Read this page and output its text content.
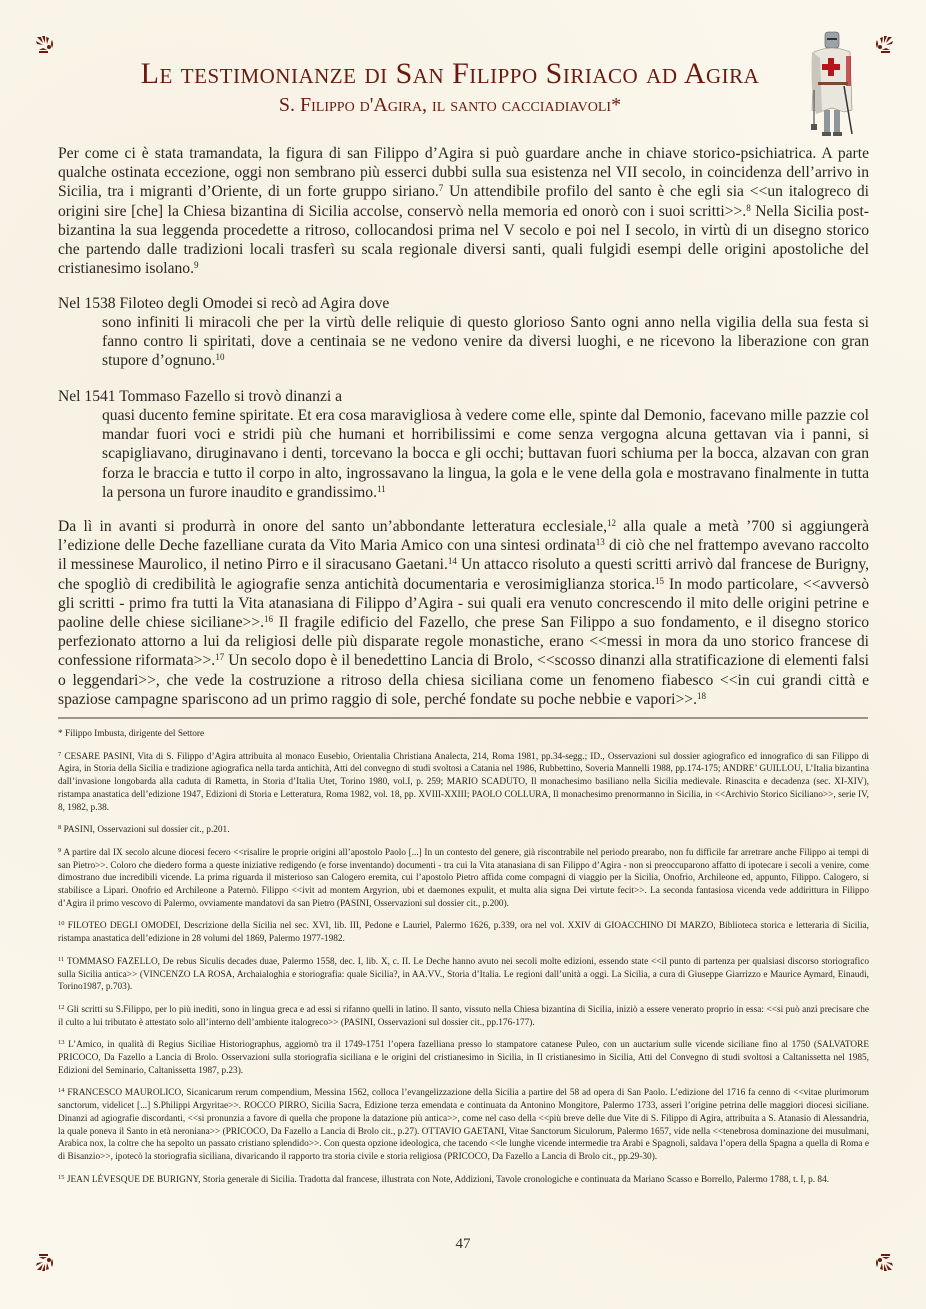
Le testimonianze di San Filippo Siriaco ad Agira
S. Filippo d'Agira, il santo cacciadiavoli*
Per come ci è stata tramandata, la figura di san Filippo d’Agira si può guardare anche in chiave storico-psichiatrica. A parte qualche ostinata eccezione, oggi non sembrano più esserci dubbi sulla sua esistenza nel VII secolo, in coincidenza dell’arrivo in Sicilia, tra i migranti d’Oriente, di un forte gruppo siriano.$^7$ Un attendibile profilo del santo è che egli sia <<un italogreco di origini sire [che] la Chiesa bizantina di Sicilia accolse, conservò nella memoria ed onorò con i suoi scritti>>.$^8$ Nella Sicilia post-bizantina la sua leggenda procedette a ritroso, collocandosi prima nel V secolo e poi nel I secolo, in virtù di un disegno storico che partendo dalle tradizioni locali trasferì su scala regionale diversi santi, quali fulgidi esempi delle origini apostoliche del cristianesimo isolano.$^9$
Nel 1538 Filoteo degli Omodei si recò ad Agira dove
sono infiniti li miracoli che per la virtù delle reliquie di questo glorioso Santo ogni anno nella vigilia della sua festa si fanno contro li spiritati, dove a centinaia se ne vedono venire da diversi luoghi, e ne ricevono la liberazione con gran stupore d’ognuno.$^{10}$
Nel 1541 Tommaso Fazello si trovò dinanzi a
quasi ducento femine spiritate. Et era cosa maravigliosa à vedere come elle, spinte dal Demonio, facevano mille pazzie col mandar fuori voci e stridi più che humani et horribilissimi e come senza vergogna alcuna gettavan via i panni, si scapigliavano, diruginavano i denti, torcevano la bocca e gli occhi; buttavan fuori schiuma per la bocca, alzavan con gran forza le braccia e tutto il corpo in alto, ingrossavano la lingua, la gola e le vene della gola e mostravano finalmente in tutta la persona un furore inaudito e grandissimo.$^{11}$
Da lì in avanti si produrrà in onore del santo un’abbondante letteratura ecclesiale,$^{12}$ alla quale a metà ’700 si aggiungerà l’edizione delle Deche fazelliane curata da Vito Maria Amico con una sintesi ordinata$^{13}$ di ciò che nel frattempo avevano raccolto il messinese Maurolico, il netino Pirro e il siracusano Gaetani.$^{14}$ Un attacco risoluto a questi scritti arrivò dal francese de Burigny, che spogliò di credibilità le agiografie senza antichità documentaria e verosimiglianza storica.$^{15}$ In modo particolare, <<avversò gli scritti - primo fra tutti la Vita atanasiana di Filippo d’Agira - sui quali era venuto concrescendo il mito delle origini petrine e paoline delle chiese siciliane>>.$^{16}$ Il fragile edificio del Fazello, che prese San Filippo a suo fondamento, e il disegno storico perfezionato attorno a lui da religiosi delle più disparate regole monastiche, erano <<messi in mora da uno storico francese di confessione riformata>>.$^{17}$ Un secolo dopo è il benedettino Lancia di Brolo, <<scosso dinanzi alla stratificazione di elementi falsi o leggendari>>, che vede la costruzione a ritroso della chiesa siciliana come un fenomeno fiabesco <<in cui grandi città e spaziose campagne spariscono ad un primo raggio di sole, perché fondate su poche nebbie e vapori>>.$^{18}$

* Filippo Imbusta, dirigente del Settore

$^7$ CESARE PASINI, Vita di S. Filippo d’Agira attribuita al monaco Eusebio, Orientalia Christiana Analecta, 214, Roma 1981, pp.34-segg.; ID., Osservazioni sul dossier agiografico ed innografico di san Filippo di Agira, in Storia della Sicilia e tradizione agiografica nella tarda antichità, Atti del convegno di studi svoltosi a Catania nel 1986, Rubbettino, Soveria Mannelli 1988, pp.174-175; ANDRE’ GUILLOU, L’Italia bizantina dall’invasione longobarda alla caduta di Rametta, in Storia d’Italia Utet, Torino 1980, vol.I, p. 259; MARIO SCADUTO, Il monachesimo basiliano nella Sicilia medievale. Rinascita e decadenza (sec. XI-XIV), ristampa anastatica dell’edizione 1947, Edizioni di Storia e Letteratura, Roma 1982, vol. 18, pp. XVIII-XXIII; PAOLO COLLURA, Il monachesimo prenormanno in Sicilia, in <<Archivio Storico Siciliano>>, serie IV, 8, 1982, p.38.

$^8$ PASINI, Osservazioni sul dossier cit., p.201.

$^9$ A partire dal IX secolo alcune diocesi fecero <<risalire le proprie origini all’apostolo Paolo [...] In un contesto del genere, già riscontrabile nel periodo prearabo, non fu difficile far arretrare anche Filippo ai tempi di san Pietro>>. Coloro che diedero forma a queste iniziative redigendo (e forse inventando) documenti - tra cui la Vita atanasiana di san Filippo d’Agira - non si preoccuparono affatto di ipotecare i secoli a venire, come dimostrano due incredibili vicende. La prima riguarda il misterioso san Calogero eremita, cui l’apostolo Pietro affida come compagni di viaggio per la Sicilia, Onofrio, Archileone ed, appunto, Filippo. Calogero, si stabilisce a Lipari. Onofrio ed Archileone a Paternò. Filippo <<ivit ad montem Argyrion, ubi et daemones expulit, et multa alia signa Dei virtute fecit>>. La seconda fantasiosa vicenda vede addirittura in Filippo d’Agira il primo vescovo di Palermo, ovviamente mandatovi da san Pietro (PASINI, Osservazioni sul dossier cit., p.200).

$^{10}$ FILOTEO DEGLI OMODEI, Descrizione della Sicilia nel sec. XVI, lib. III, Pedone e Lauriel, Palermo 1626, p.339, ora nel vol. XXIV di GIOACCHINO DI MARZO, Biblioteca storica e letteraria di Sicilia, ristampa anastatica dell’edizione in 28 volumi del 1869, Palermo 1977-1982.

$^{11}$ TOMMASO FAZELLO, De rebus Siculis decades duae, Palermo 1558, dec. I, lib. X, c. II. Le Deche hanno avuto nei secoli molte edizioni, essendo state <<il punto di partenza per qualsiasi discorso storiografico sulla Sicilia antica>> (VINCENZO LA ROSA, Archaialoghia e storiografia: quale Sicilia?, in AA.VV., Storia d’Italia. Le regioni dall’unità a oggi. La Sicilia, a cura di Giuseppe Giarrizzo e Maurice Aymard, Einaudi, Torino1987, p.703).

$^{12}$ Gli scritti su S.Filippo, per lo più inediti, sono in lingua greca e ad essi si rifanno quelli in latino. Il santo, vissuto nella Chiesa bizantina di Sicilia, iniziò a essere venerato proprio in essa: <<si può anzi precisare che il culto a lui tributato è attestato solo all’interno dell’ambiente italogreco>> (PASINI, Osservazioni sul dossier cit., pp.176-177).

$^{13}$ L’Amico, in qualità di Regius Siciliae Historiographus, aggiornò tra il 1749-1751 l’opera fazelliana presso lo stampatore catanese Puleo, con un auctarium sulle vicende siciliane fino al 1750 (SALVATORE PRICOCO, Da Fazello a Lancia di Brolo. Osservazioni sulla storiografia siciliana e le origini del cristianesimo in Sicilia, in Il cristianesimo in Sicilia, Atti del Convegno di studi svoltosi a Caltanissetta nel 1985, Edizioni del Seminario, Caltanissetta 1987, p.23).

$^{14}$ FRANCESCO MAUROLICO, Sicanicarum rerum compendium, Messina 1562, colloca l’evangelizzazione della Sicilia a partire del 58 ad opera di San Paolo. L’edizione del 1716 fa cenno di <<vitae plurimorum sanctorum, videlicet [...] S.Philippi Argyritae>>. ROCCO PIRRO, Sicilia Sacra, Edizione terza emendata e continuata da Antonino Mongitore, Palermo 1733, asserì l’origine petrina delle maggiori diocesi siciliane. Dinanzi ad agiografie discordanti, <<si pronunzia a favore di quella che propone la datazione più antica>>, come nel caso della <<più breve delle due Vite di S. Filippo di Agira, attribuita a S. Atanasio di Alessandria, la quale poneva il Santo in età neroniana>> (PRICOCO, Da Fazello a Lancia di Brolo cit., p.27). OTTAVIO GAETANI, Vitae Sanctorum Siculorum, Palermo 1657, vide nella <<tenebrosa dominazione dei musulmani, Arabica nox, la coltre che ha sepolto un passato cristiano splendido>>. Con questa opzione ideologica, che tacendo <<le lunghe vicende intermedie tra Arabi e Spagnoli, saldava l’opera della Spagna a quella di Roma e di Bisanzio>>, ipotecò la storiografia siciliana, divaricando il rapporto tra storia civile e storia religiosa (PRICOCO, Da Fazello a Lancia di Brolo cit., pp.29-30).

$^{15}$ JEAN LÉVESQUE DE BURIGNY, Storia generale di Sicilia. Tradotta dal francese, illustrata con Note, Addizioni, Tavole cronologiche e continuata da Mariano Scasso e Borrello, Palermo 1788, t. I, p. 84.

47
